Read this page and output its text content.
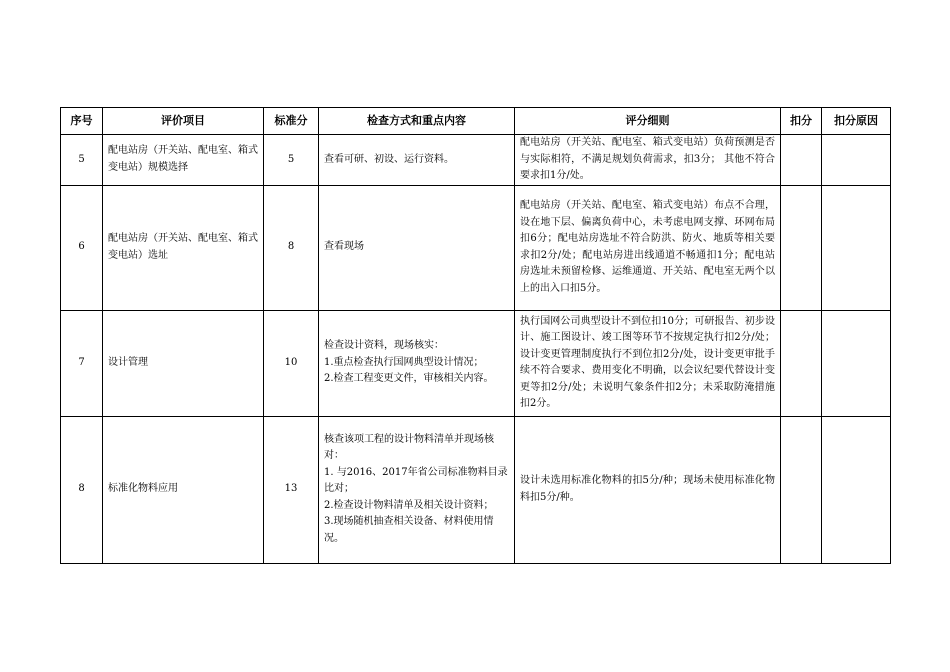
序号	评价项目	标准分	检查方式和重点内容	评分细则	扣分	扣分原因
5	配电站房（开关站、配电室、箱式变电站）规模选择	5	查看可研、初设、运行资料。	配电站房（开关站、配电室、箱式变电站）负荷预测是否与实际相符，不满足规划负荷需求，扣3分； 其他不符合要求扣1分/处。		
6	配电站房（开关站、配电室、箱式变电站）选址	8	查看现场	配电站房（开关站、配电室、箱式变电站）布点不合理，设在地下层、偏离负荷中心，未考虑电网支撑、环网布局扣6分；配电站房选址不符合防洪、防火、地质等相关要求扣2分/处；配电站房进出线通道不畅通扣1分；配电站房选址未预留检修、运维通道、开关站、配电室无两个以上的出入口扣5分。		
7	设计管理	10	检查设计资料，现场核实：
1.重点检查执行国网典型设计情况；
2.检查工程变更文件，审核相关内容。	执行国网公司典型设计不到位扣10分；可研报告、初步设计、施工图设计、竣工图等环节不按规定执行扣2分/处；设计变更管理制度执行不到位扣2分/处，设计变更审批手续不符合要求、费用变化不明确，以会议纪要代替设计变更等扣2分/处；未说明气象条件扣2分；未采取防淹措施扣2分。		
8	标准化物料应用	13	核查该项工程的设计物料清单并现场核对：
1. 与2016、2017年省公司标准物料目录比对；
2.检查设计物料清单及相关设计资料；
3.现场随机抽查相关设备、材料使用情况。	设计未选用标准化物料的扣5分/种；现场未使用标准化物料扣5分/种。		
